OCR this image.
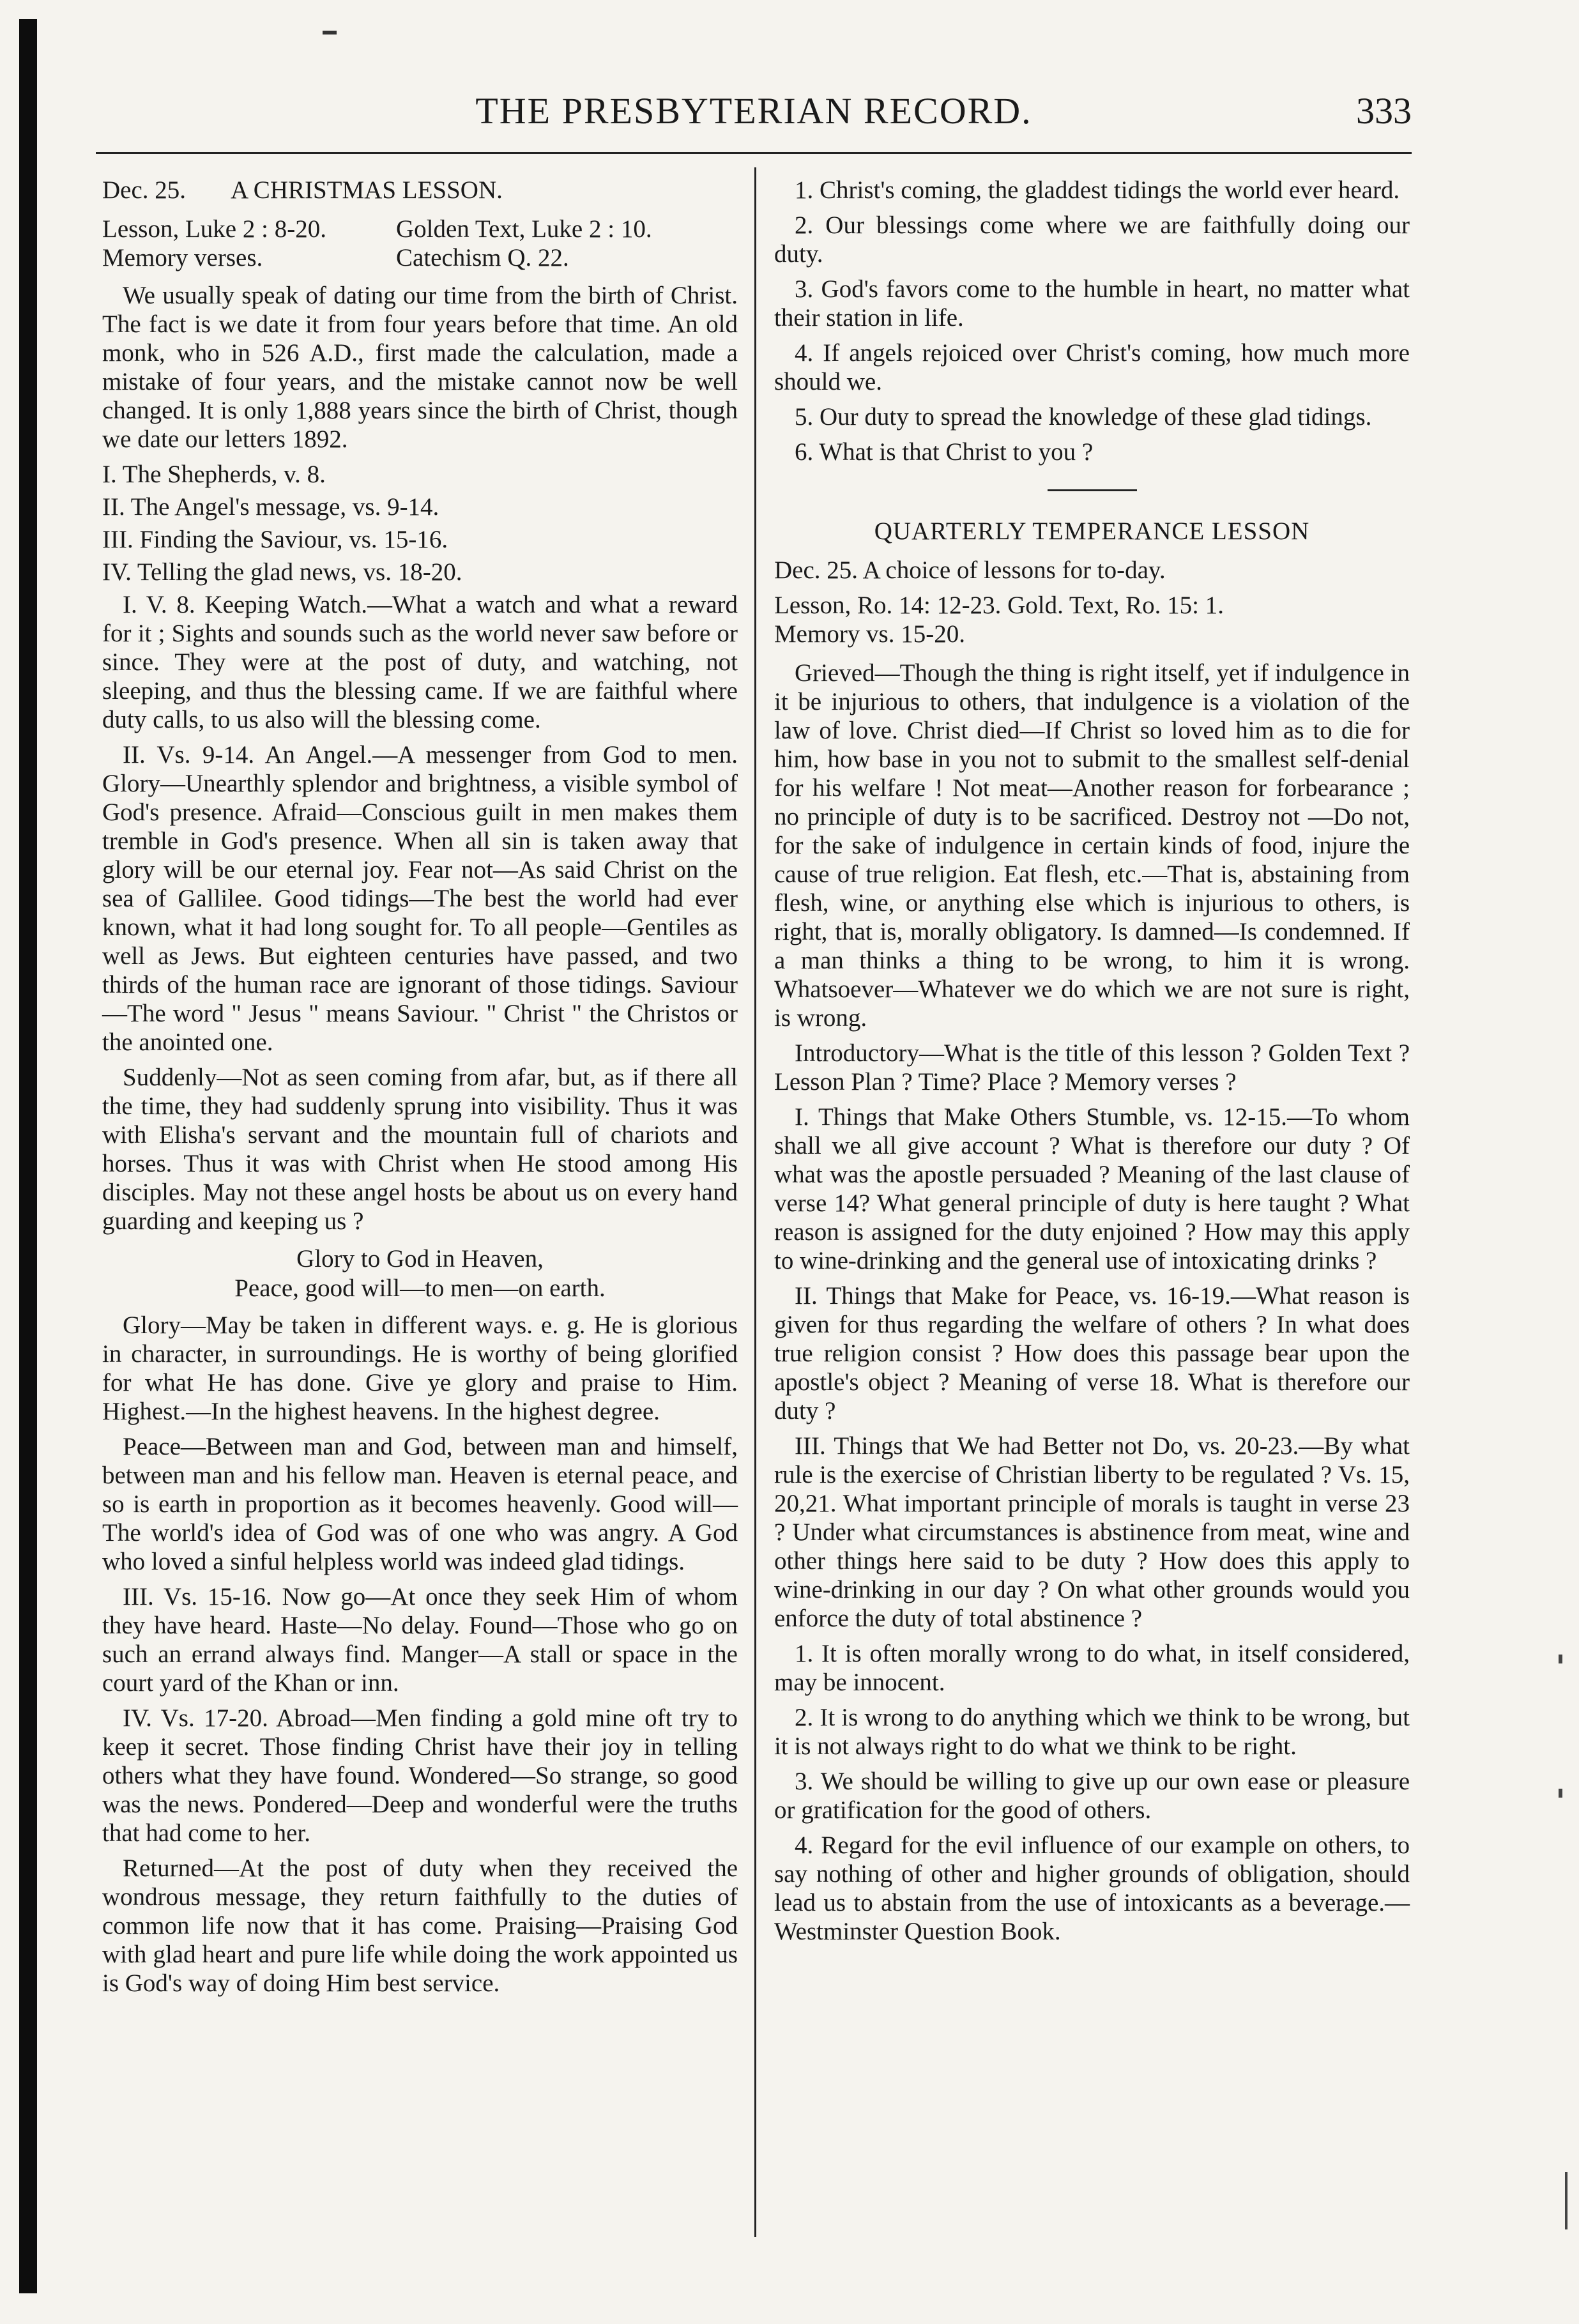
THE PRESBYTERIAN RECORD.	333
Dec. 25. A CHRISTMAS LESSON.
Lesson, Luke 2 : 8-20.	Golden Text, Luke 2 : 10.
Memory verses.	Catechism Q. 22.

We usually speak of dating our time from the birth of Christ. The fact is we date it from four years before that time. An old monk, who in 526 A.D., first made the calculation, made a mistake of four years, and the mistake cannot now be well changed. It is only 1,888 years since the birth of Christ, though we date our letters 1892.

I. The Shepherds, v. 8.

II. The Angel's message, vs. 9-14.

III. Finding the Saviour, vs. 15-16.

IV. Telling the glad news, vs. 18-20.

I. V. 8. Keeping Watch.—What a watch and what a reward for it ; Sights and sounds such as the world never saw before or since. They were at the post of duty, and watching, not sleeping, and thus the blessing came. If we are faithful where duty calls, to us also will the blessing come.

II. Vs. 9-14. An Angel.—A messenger from God to men. Glory—Unearthly splendor and brightness, a visible symbol of God's presence. Afraid—Conscious guilt in men makes them tremble in God's presence. When all sin is taken away that glory will be our eternal joy. Fear not—As said Christ on the sea of Gallilee. Good tidings—The best the world had ever known, what it had long sought for. To all people—Gentiles as well as Jews. But eighteen centuries have passed, and two thirds of the human race are ignorant of those tidings. Saviour—The word " Jesus " means Saviour. " Christ " the Christos or the anointed one.

Suddenly—Not as seen coming from afar, but, as if there all the time, they had suddenly sprung into visibility. Thus it was with Elisha's servant and the mountain full of chariots and horses. Thus it was with Christ when He stood among His disciples. May not these angel hosts be about us on every hand guarding and keeping us ?

Glory to God in Heaven,
Peace, good will—to men—on earth.

Glory—May be taken in different ways. e. g. He is glorious in character, in surroundings. He is worthy of being glorified for what He has done. Give ye glory and praise to Him. Highest.—In the highest heavens. In the highest degree.

Peace—Between man and God, between man and himself, between man and his fellow man. Heaven is eternal peace, and so is earth in proportion as it becomes heavenly. Good will—The world's idea of God was of one who was angry. A God who loved a sinful helpless world was indeed glad tidings.

III. Vs. 15-16. Now go—At once they seek Him of whom they have heard. Haste—No delay. Found—Those who go on such an errand always find. Manger—A stall or space in the court yard of the Khan or inn.

IV. Vs. 17-20. Abroad—Men finding a gold mine oft try to keep it secret. Those finding Christ have their joy in telling others what they have found. Wondered—So strange, so good was the news. Pondered—Deep and wonderful were the truths that had come to her.

Returned—At the post of duty when they received the wondrous message, they return faithfully to the duties of common life now that it has come. Praising—Praising God with glad heart and pure life while doing the work appointed us is God's way of doing Him best service.

1. Christ's coming, the gladdest tidings the world ever heard.

2. Our blessings come where we are faithfully doing our duty.

3. God's favors come to the humble in heart, no matter what their station in life.

4. If angels rejoiced over Christ's coming, how much more should we.

5. Our duty to spread the knowledge of these glad tidings.

6. What is that Christ to you ?

QUARTERLY TEMPERANCE LESSON

Dec. 25. A choice of lessons for to-day.

Lesson, Ro. 14: 12-23. Gold. Text, Ro. 15: 1.

Memory vs. 15-20.

Grieved—Though the thing is right itself, yet if indulgence in it be injurious to others, that indulgence is a violation of the law of love. Christ died—If Christ so loved him as to die for him, how base in you not to submit to the smallest self-denial for his welfare ! Not meat—Another reason for forbearance ; no principle of duty is to be sacrificed. Destroy not —Do not, for the sake of indulgence in certain kinds of food, injure the cause of true religion. Eat flesh, etc.—That is, abstaining from flesh, wine, or anything else which is injurious to others, is right, that is, morally obligatory. Is damned—Is condemned. If a man thinks a thing to be wrong, to him it is wrong. Whatsoever—Whatever we do which we are not sure is right, is wrong.

Introductory—What is the title of this lesson ? Golden Text ? Lesson Plan ? Time? Place ? Memory verses ?

I. Things that Make Others Stumble, vs. 12-15.—To whom shall we all give account ? What is therefore our duty ? Of what was the apostle persuaded ? Meaning of the last clause of verse 14? What general principle of duty is here taught ? What reason is assigned for the duty enjoined ? How may this apply to wine-drinking and the general use of intoxicating drinks ?

II. Things that Make for Peace, vs. 16-19.—What reason is given for thus regarding the welfare of others ? In what does true religion consist ? How does this passage bear upon the apostle's object ? Meaning of verse 18. What is therefore our duty ?

III. Things that We had Better not Do, vs. 20-23.—By what rule is the exercise of Christian liberty to be regulated ? Vs. 15, 20,21. What important principle of morals is taught in verse 23 ? Under what circumstances is abstinence from meat, wine and other things here said to be duty ? How does this apply to wine-drinking in our day ? On what other grounds would you enforce the duty of total abstinence ?

1. It is often morally wrong to do what, in itself considered, may be innocent.

2. It is wrong to do anything which we think to be wrong, but it is not always right to do what we think to be right.

3. We should be willing to give up our own ease or pleasure or gratification for the good of others.

4. Regard for the evil influence of our example on others, to say nothing of other and higher grounds of obligation, should lead us to abstain from the use of intoxicants as a beverage.—Westminster Question Book.
